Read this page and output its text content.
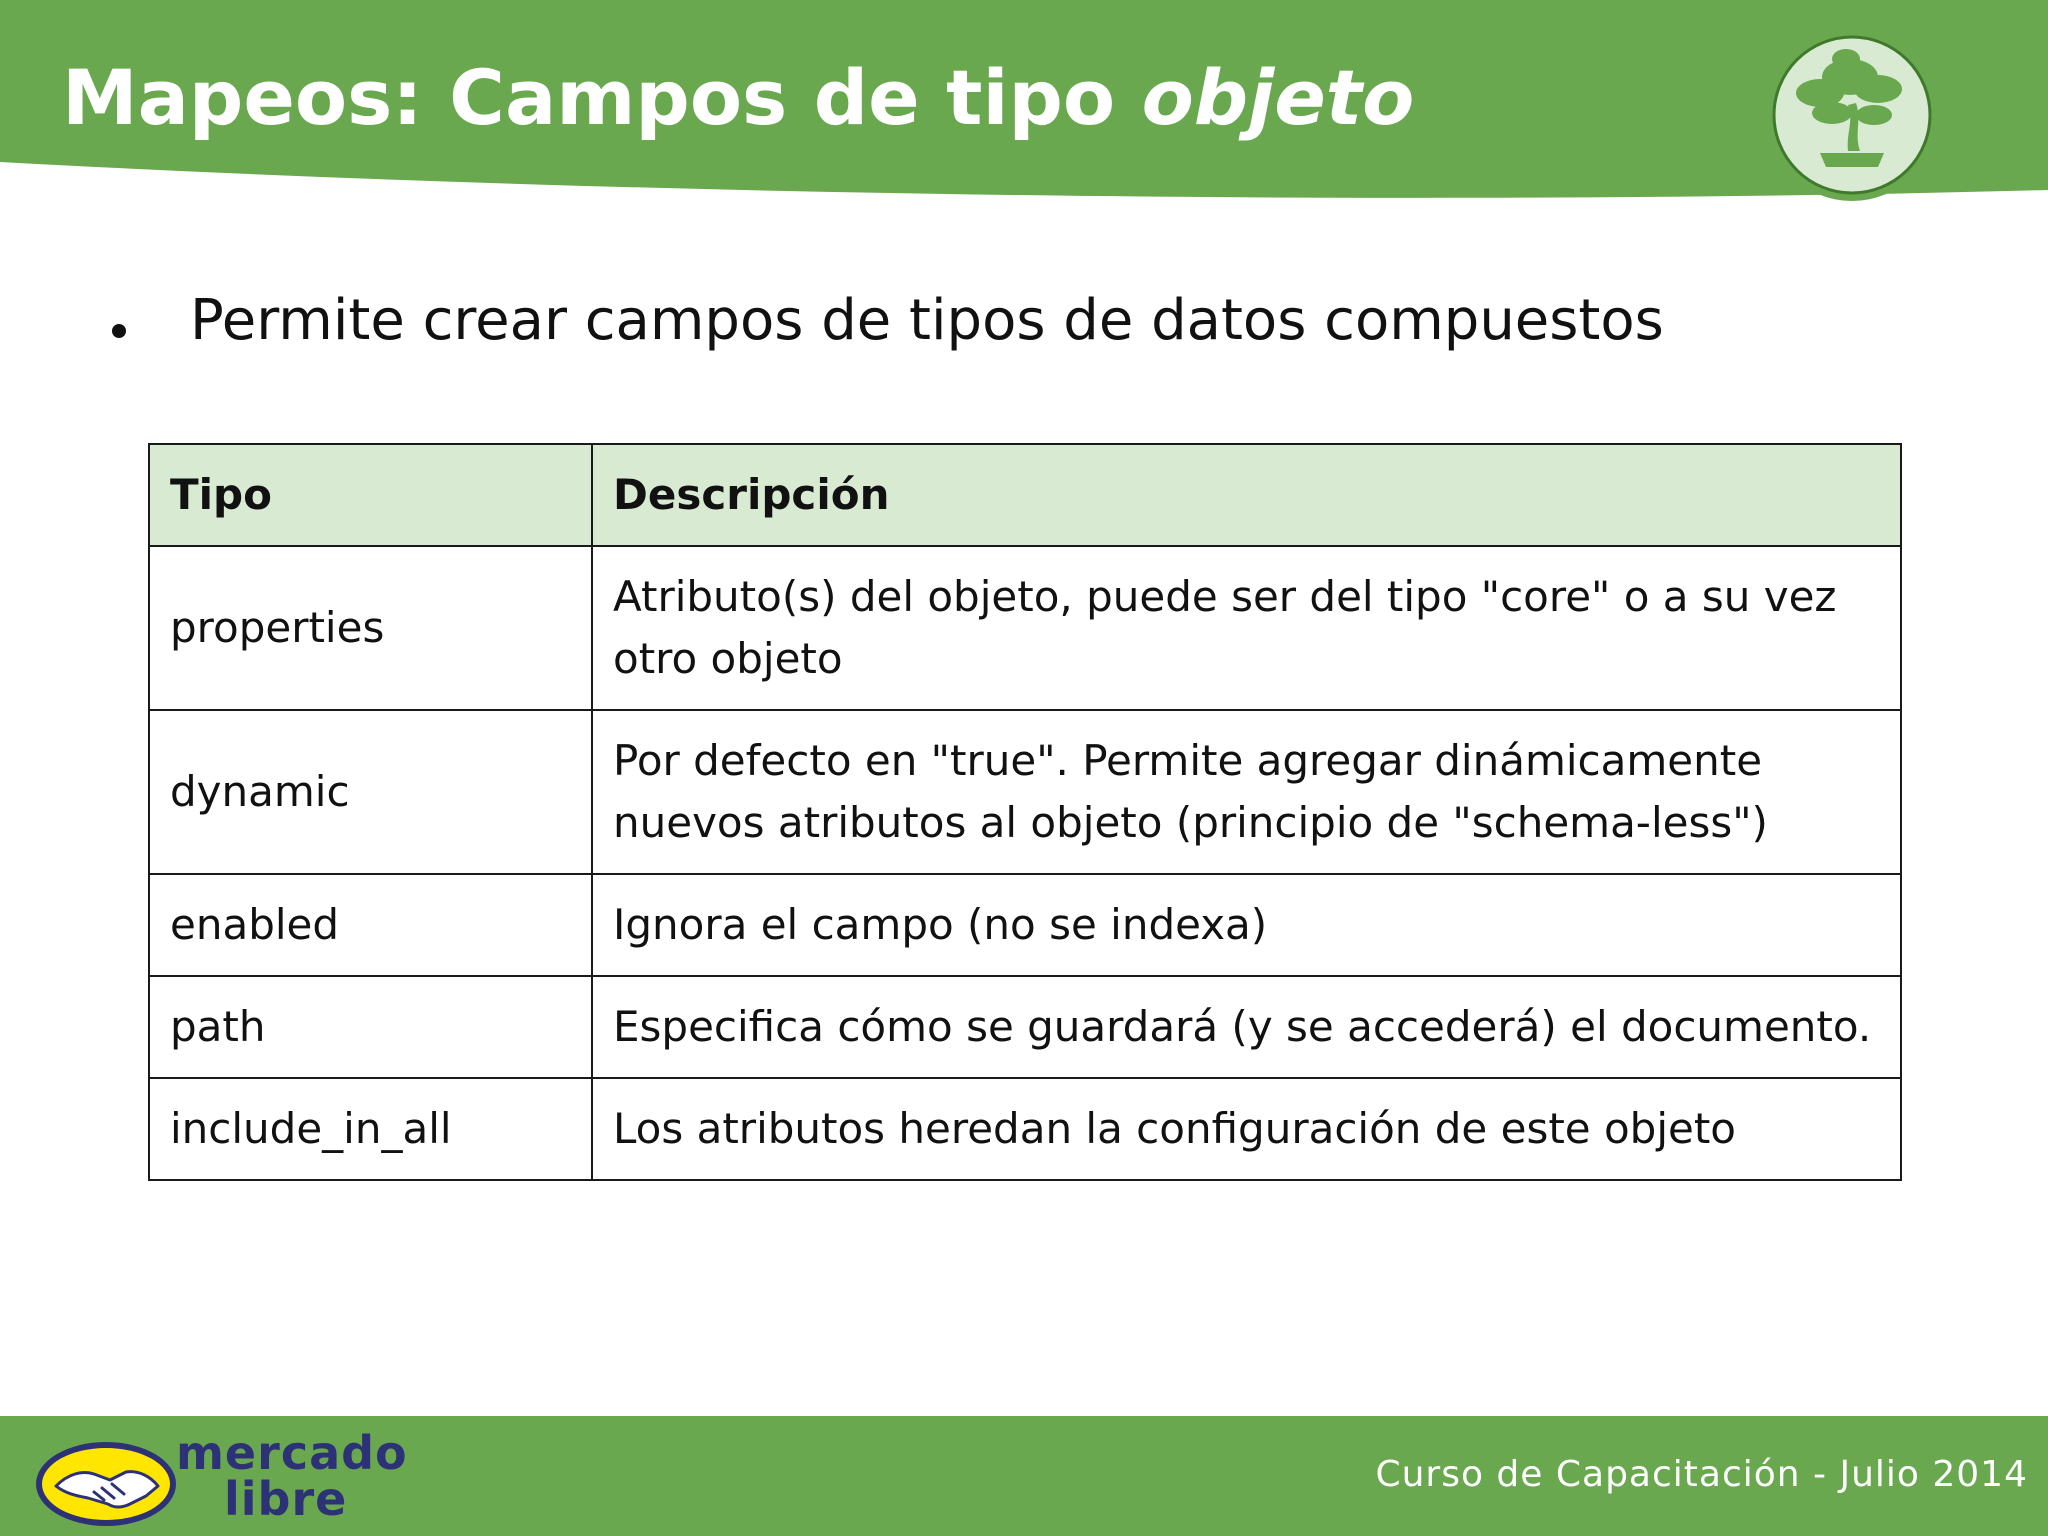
Mapeos: Campos de tipo objeto
Permite crear campos de tipos de datos compuestos
Tipo	Descripción
properties	Atributo(s) del objeto, puede ser del tipo "core" o a su vez
otro objeto

dynamic	Por defecto en "true". Permite agregar dinámicamente
nuevos atributos al objeto (principio de "schema-less")

enabled	Ignora el campo (no se indexa)
path	Especifica cómo se guardará (y se accederá) el documento.
include_in_all	Los atributos heredan la configuración de este objeto
mercado
libre	Curso de Capacitación - Julio 2014
